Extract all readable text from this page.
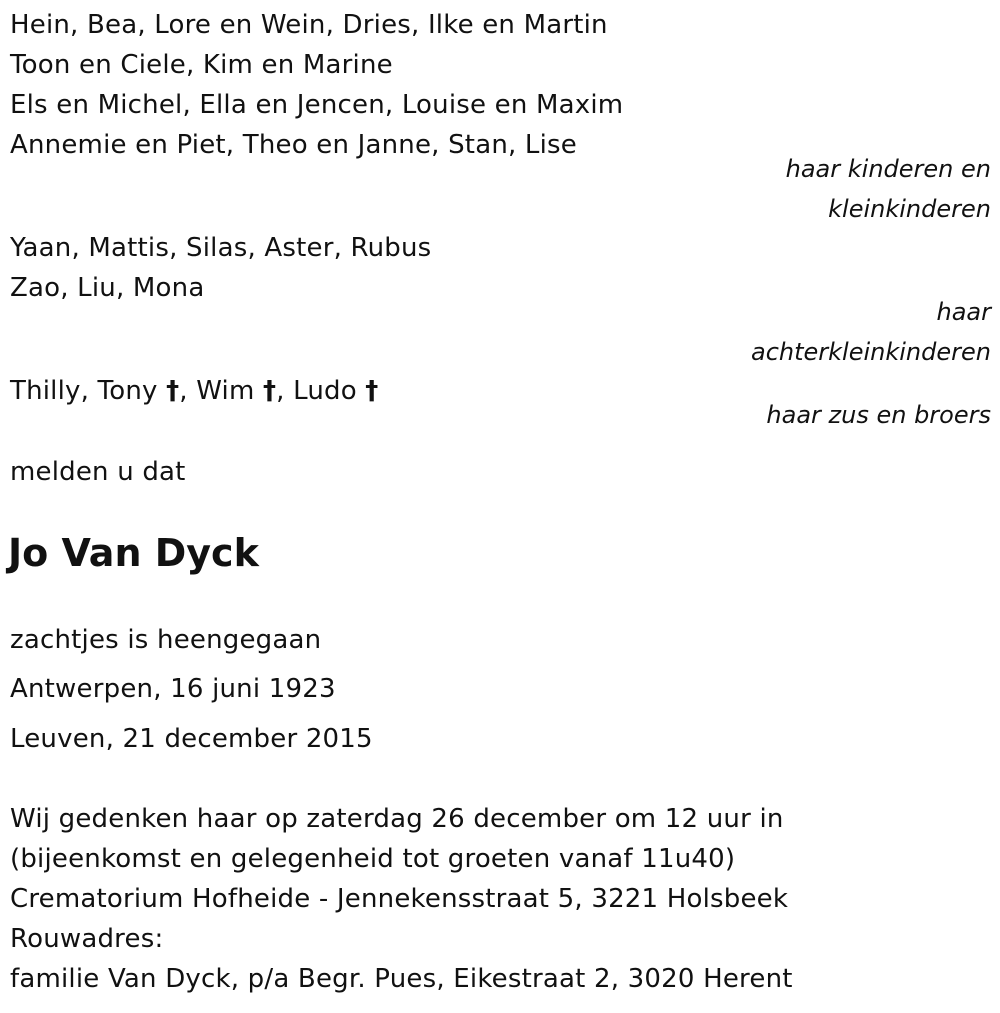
Hein, Bea, Lore en Wein, Dries, Ilke en Martin
Toon en Ciele, Kim en Marine
Els en Michel, Ella en Jencen, Louise en Maxim
Annemie en Piet, Theo en Janne, Stan, Lise
haar kinderen en
kleinkinderen
Yaan, Mattis, Silas, Aster, Rubus
Zao, Liu, Mona
haar
achterkleinkinderen
Thilly, Tony †, Wim †, Ludo †
haar zus en broers
melden u dat
Jo Van Dyck
zachtjes is heengegaan
Antwerpen, 16 juni 1923
Leuven, 21 december 2015
Wij gedenken haar op zaterdag 26 december om 12 uur in
(bijeenkomst en gelegenheid tot groeten vanaf 11u40)
Crematorium Hofheide - Jennekensstraat 5, 3221 Holsbeek
Rouwadres:
familie Van Dyck, p/a Begr. Pues, Eikestraat 2, 3020 Herent
